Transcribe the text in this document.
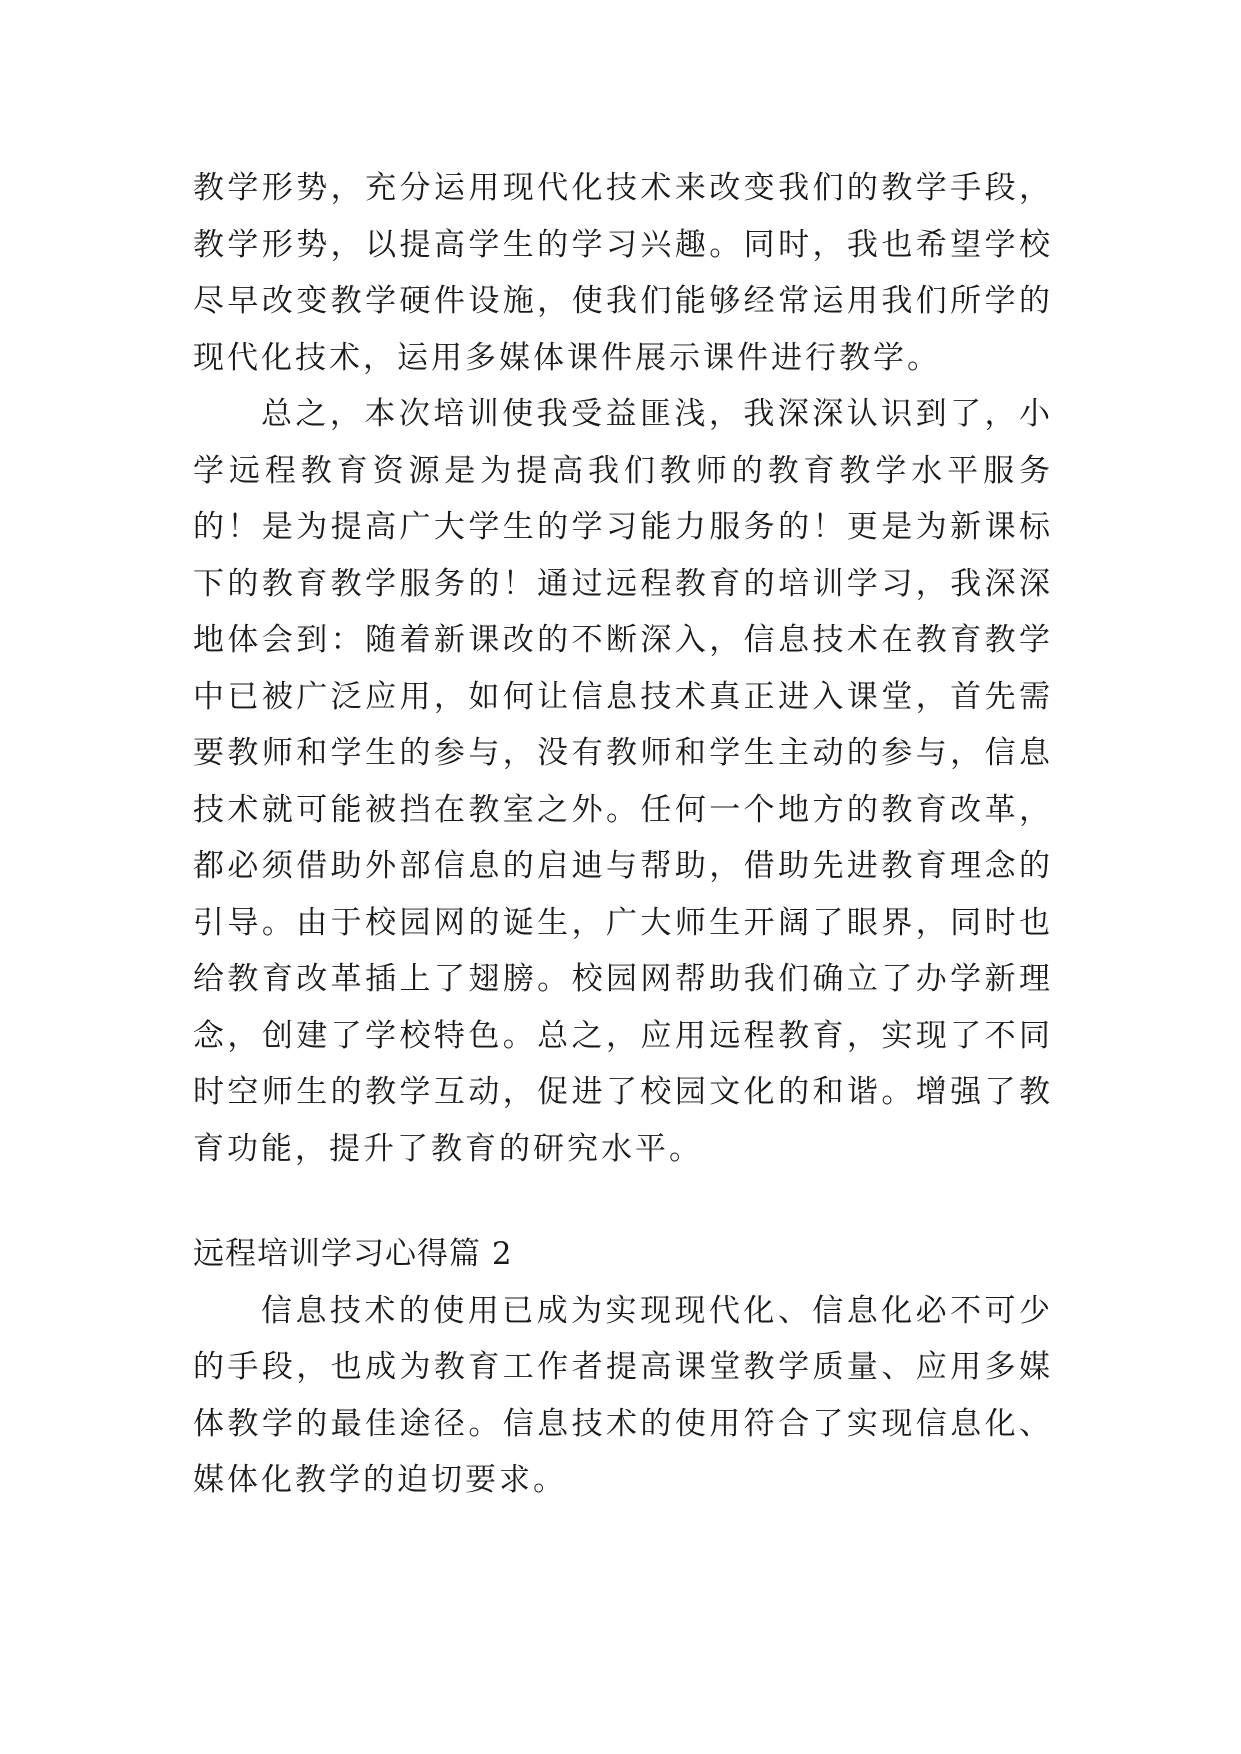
教学形势，充分运用现代化技术来改变我们的教学手段，教学形势，以提高学生的学习兴趣。同时，我也希望学校尽早改变教学硬件设施，使我们能够经常运用我们所学的现代化技术，运用多媒体课件展示课件进行教学。

总之，本次培训使我受益匪浅，我深深认识到了，小学远程教育资源是为提高我们教师的教育教学水平服务的！是为提高广大学生的学习能力服务的！更是为新课标下的教育教学服务的！通过远程教育的培训学习，我深深地体会到：随着新课改的不断深入，信息技术在教育教学中已被广泛应用，如何让信息技术真正进入课堂，首先需要教师和学生的参与，没有教师和学生主动的参与，信息技术就可能被挡在教室之外。任何一个地方的教育改革，都必须借助外部信息的启迪与帮助，借助先进教育理念的引导。由于校园网的诞生，广大师生开阔了眼界，同时也给教育改革插上了翅膀。校园网帮助我们确立了办学新理念，创建了学校特色。总之，应用远程教育，实现了不同时空师生的教学互动，促进了校园文化的和谐。增强了教育功能，提升了教育的研究水平。

远程培训学习心得篇 2

信息技术的使用已成为实现现代化、信息化必不可少的手段，也成为教育工作者提高课堂教学质量、应用多媒体教学的最佳途径。信息技术的使用符合了实现信息化、媒体化教学的迫切要求。
